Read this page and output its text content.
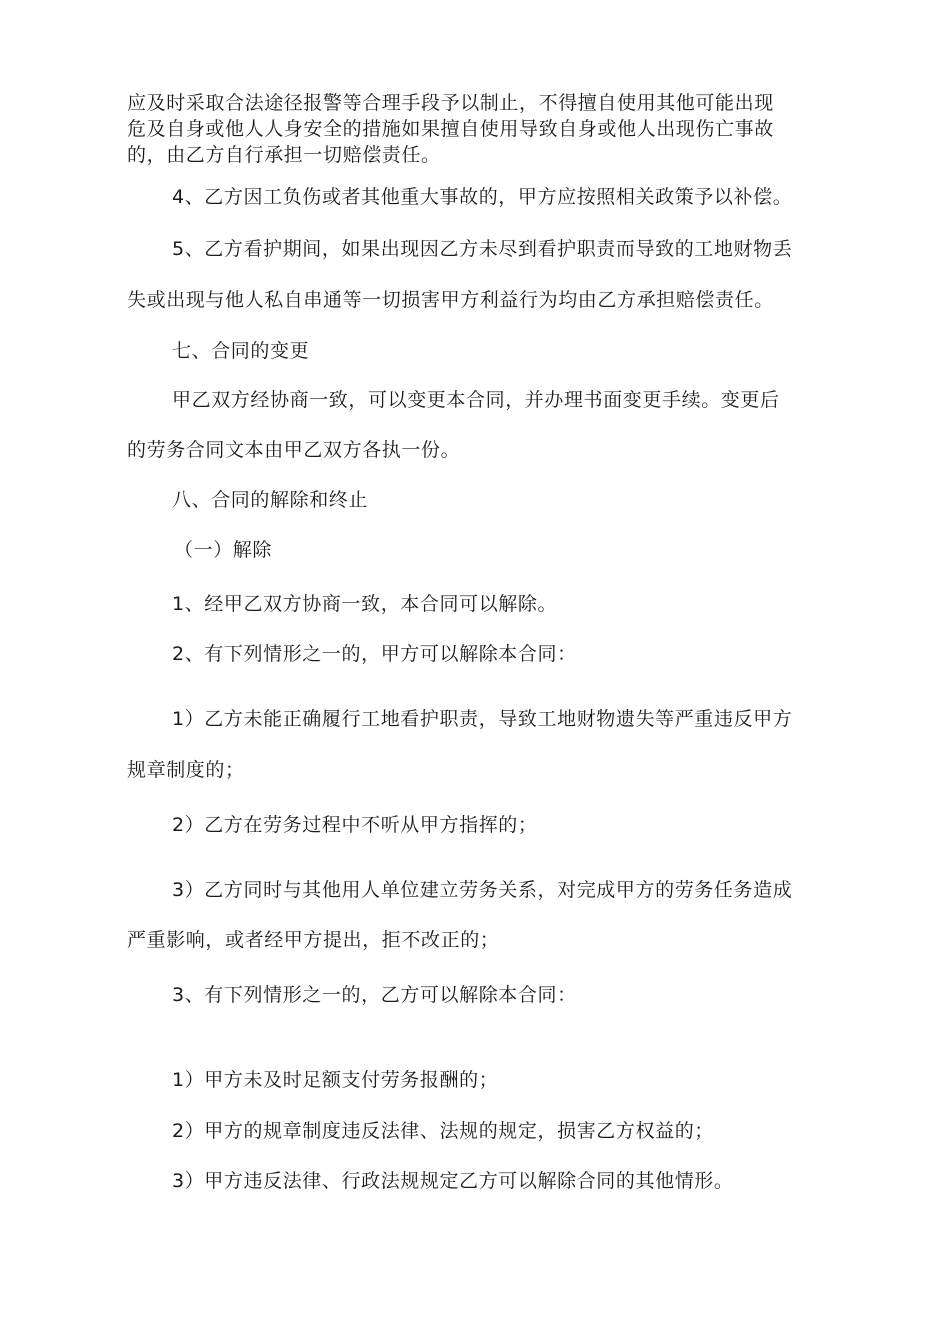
应及时采取合法途径报警等合理手段予以制止，不得擅自使用其他可能出现
危及自身或他人人身安全的措施如果擅自使用导致自身或他人出现伤亡事故
的，由乙方自行承担一切赔偿责任。
4、乙方因工负伤或者其他重大事故的，甲方应按照相关政策予以补偿。
5、乙方看护期间，如果出现因乙方未尽到看护职责而导致的工地财物丢
失或出现与他人私自串通等一切损害甲方利益行为均由乙方承担赔偿责任。
七、合同的变更
甲乙双方经协商一致，可以变更本合同，并办理书面变更手续。变更后
的劳务合同文本由甲乙双方各执一份。
八、合同的解除和终止
（一）解除
1、经甲乙双方协商一致，本合同可以解除。
2、有下列情形之一的，甲方可以解除本合同：
1）乙方未能正确履行工地看护职责，导致工地财物遗失等严重违反甲方
规章制度的；
2）乙方在劳务过程中不听从甲方指挥的；
3）乙方同时与其他用人单位建立劳务关系，对完成甲方的劳务任务造成
严重影响，或者经甲方提出，拒不改正的；
3、有下列情形之一的，乙方可以解除本合同：
1）甲方未及时足额支付劳务报酬的；
2）甲方的规章制度违反法律、法规的规定，损害乙方权益的；
3）甲方违反法律、行政法规规定乙方可以解除合同的其他情形。
